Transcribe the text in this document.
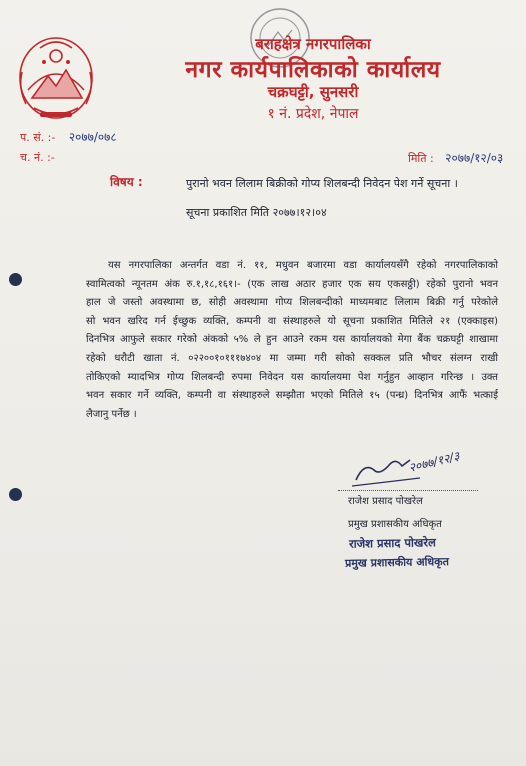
बराहक्षेत्र नगरपालिका
नगर कार्यपालिकाको कार्यालय
चक्रघट्टी, सुनसरी
१ नं. प्रदेश, नेपाल
प. सं. :- २०७७/०७८
च. नं. :-	मिति : २०७७/१२/०३
विषय :	पुरानो भवन लिलाम बिक्रीको गोप्य शिलबन्दी निवेदन पेश गर्ने सूचना ।
सूचना प्रकाशित मिति २०७७।१२।०४
यस नगरपालिका अन्तर्गत वडा नं. ११, मधुवन बजारमा वडा कार्यालयसँगै रहेको नगरपालिकाको
स्वामित्वको न्यूनतम अंक रु.१,१८,१६१।- (एक लाख अठार हजार एक सय एकसठ्ठी) रहेको पुरानो भवन
हाल जे जस्तो अवस्थामा छ, सोही अवस्थामा गोप्य शिलबन्दीको माध्यमबाट लिलाम बिक्री गर्नु परेकोले
सो भवन खरिद गर्न ईच्छुक व्यक्ति, कम्पनी वा संस्थाहरुले यो सूचना प्रकाशित मितिले २१ (एक्काइस)
दिनभित्र आफुले सकार गरेको अंकको ५% ले हुन आउने रकम यस कार्यालयको मेगा बैंक चक्रघट्टी शाखामा
रहेको धरौटी खाता नं. ०२२००१०१११७४०४ मा जम्मा गरी सोको सक्कल प्रति भौचर संलग्न राखी
तोकिएको म्यादभित्र गोप्य शिलबन्दी रुपमा निवेदन यस कार्यालयमा पेश गर्नुहुन आव्हान गरिन्छ । उक्त
भवन सकार गर्ने व्यक्ति, कम्पनी वा संस्थाहरुले सम्झौता भएको मितिले १५ (पन्ध्र) दिनभित्र आफैं भत्काई
लैजानु पर्नेछ ।
२०७७/१२/३
राजेश प्रसाद पोखरेल
प्रमुख प्रशासकीय अधिकृत
राजेश प्रसाद पोखरेल
प्रमुख प्रशासकीय अधिकृत
